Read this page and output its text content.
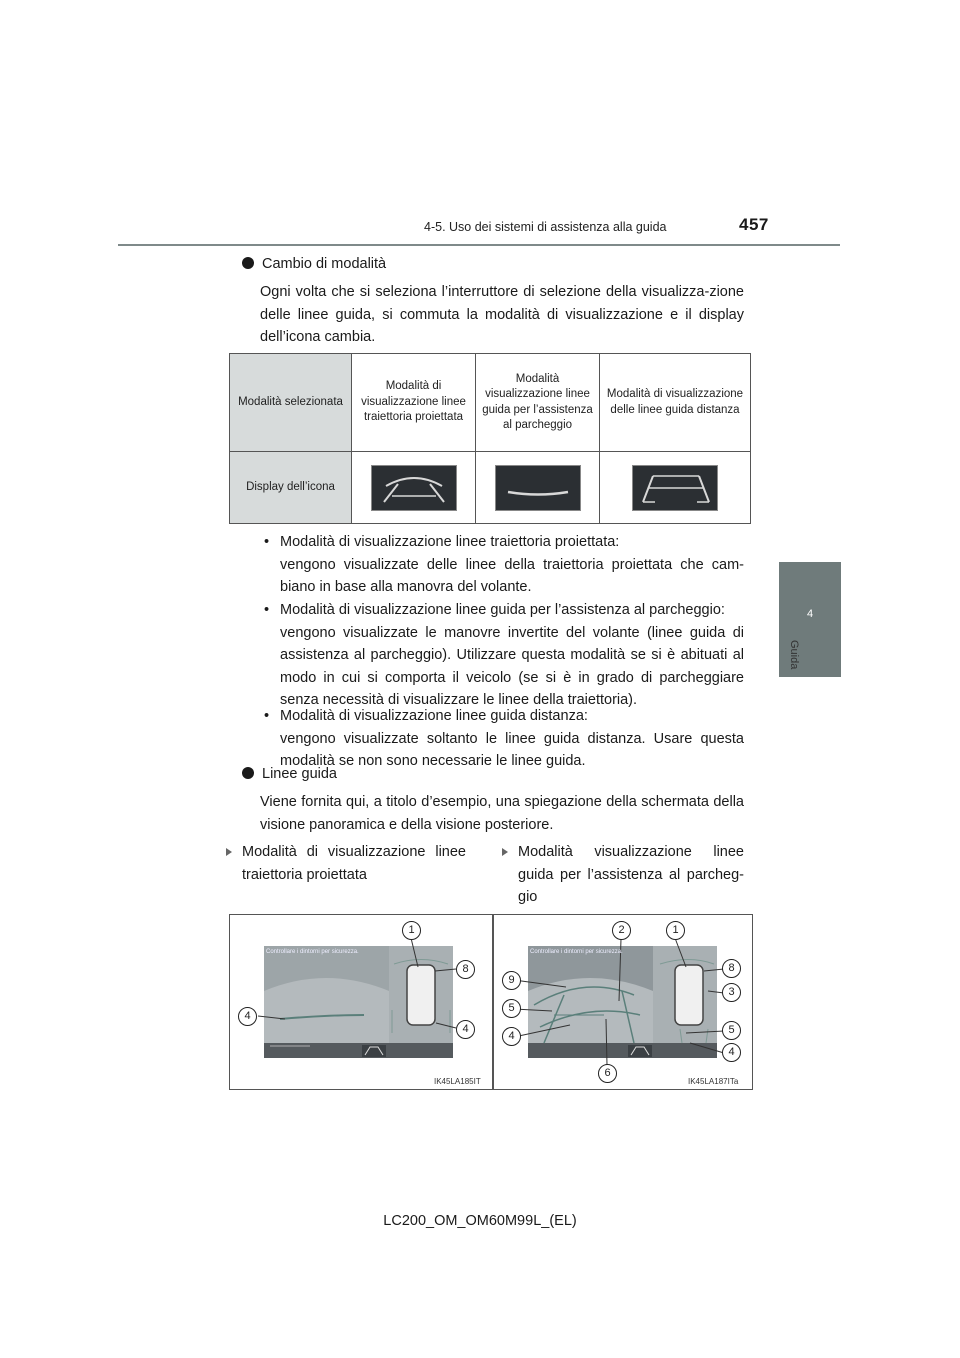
4-5. Uso dei sistemi di assistenza alla guida	457
4
Guida
Cambio di modalità
Ogni volta che si seleziona l’interruttore di selezione della visualizza-zione delle linee guida, si commuta la modalità di visualizzazione e il display dell’icona cambia.
Modalità selezionata	Modalità di visualizzazione linee traiettoria proiettata	Modalità visualizzazione linee guida per l’assistenza al parcheggio	Modalità di visualizzazione delle linee guida distanza
Display dell’icona	

• Modalità di visualizzazione linee traiettoria proiettata:
vengono visualizzate delle linee della traiettoria proiettata che cam-biano in base alla manovra del volante.
• Modalità di visualizzazione linee guida per l’assistenza al parcheggio:
vengono visualizzate le manovre invertite del volante (linee guida di assistenza al parcheggio). Utilizzare questa modalità se si è abituati al modo in cui si comporta il veicolo (se si è in grado di parcheggiare senza necessità di visualizzare le linee della traiettoria).
• Modalità di visualizzazione linee guida distanza:
vengono visualizzate soltanto le linee guida distanza. Usare questa modalità se non sono necessarie le linee guida.
Linee guida
Viene fornita qui, a titolo d’esempio, una spiegazione della schermata della visione panoramica e della visione posteriore.
Modalità di visualizzazione linee traiettoria proiettata
Modalità visualizzazione linee guida per l’assistenza al parcheg-gio
Controllare i dintorni per sicurezza.
1
8
4
4
IK45LA185IT
Controllare i dintorni per sicurezza.
2	1
8
9
3
5
5
4
4
6
IK45LA187ITa
LC200_OM_OM60M99L_(EL)
